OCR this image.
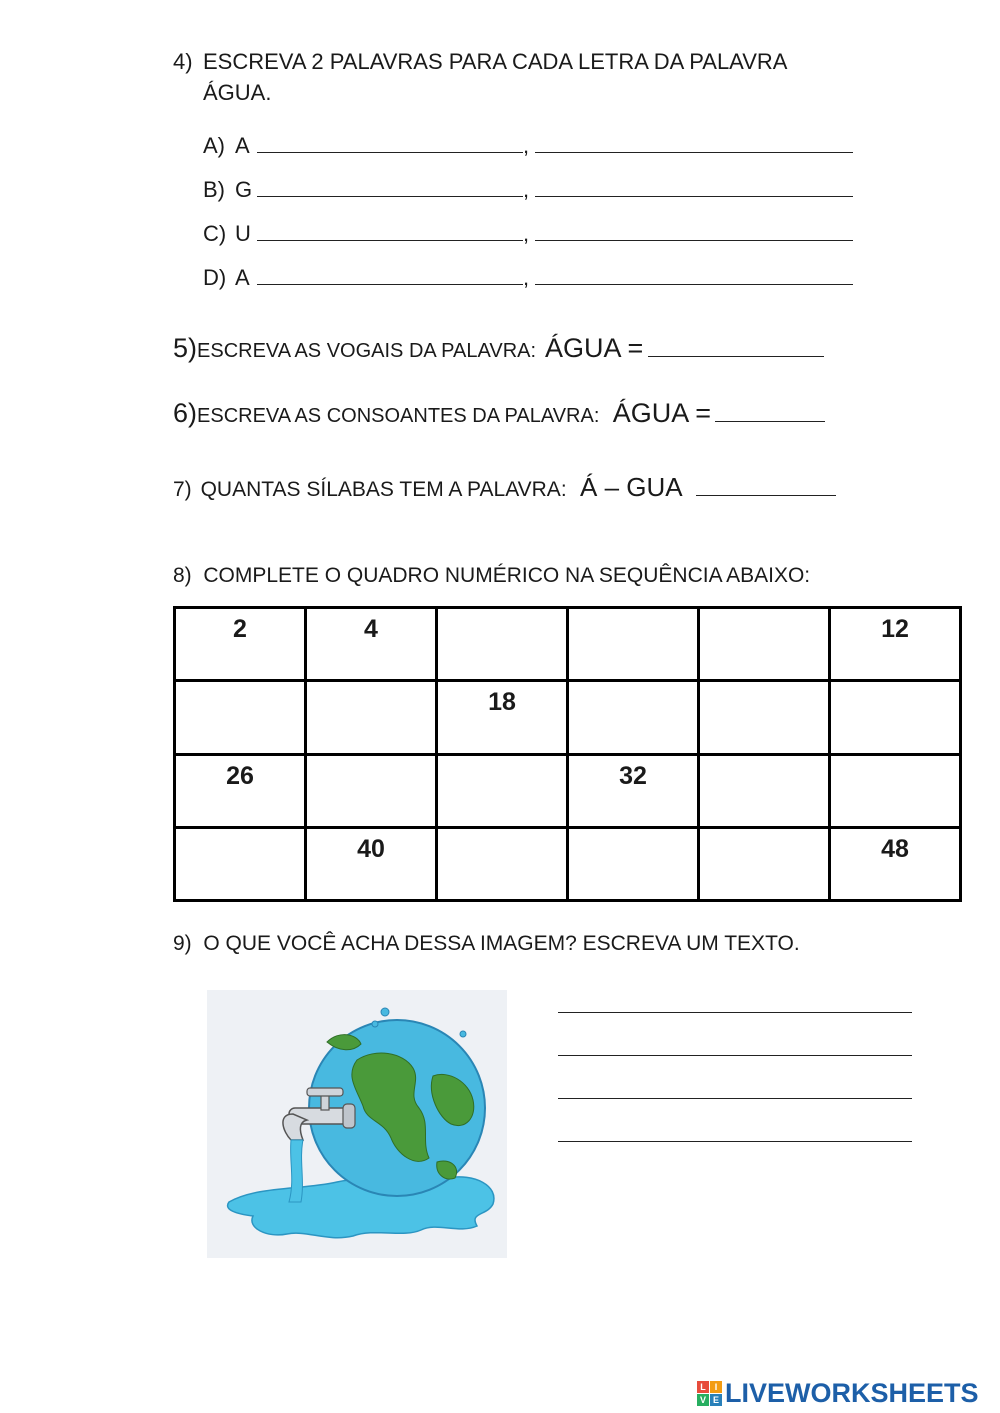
4) ESCREVA 2 PALAVRAS PARA CADA LETRA DA PALAVRA
ÁGUA.
A) A	,
B) G	,
C) U	,
D) A	,
5)ESCREVA AS VOGAIS DA PALAVRA: ÁGUA =
6)ESCREVA AS CONSOANTES DA PALAVRA: ÁGUA =
7) QUANTAS SÍLABAS TEM A PALAVRA: Á – GUA
8) COMPLETE O QUADRO NUMÉRICO NA SEQUÊNCIA ABAIXO:
2	4				12
		18			
26			32		
	40				48
9) O QUE VOCÊ ACHA DESSA IMAGEM? ESCREVA UM TEXTO.
L I
V E LIVEWORKSHEETS
